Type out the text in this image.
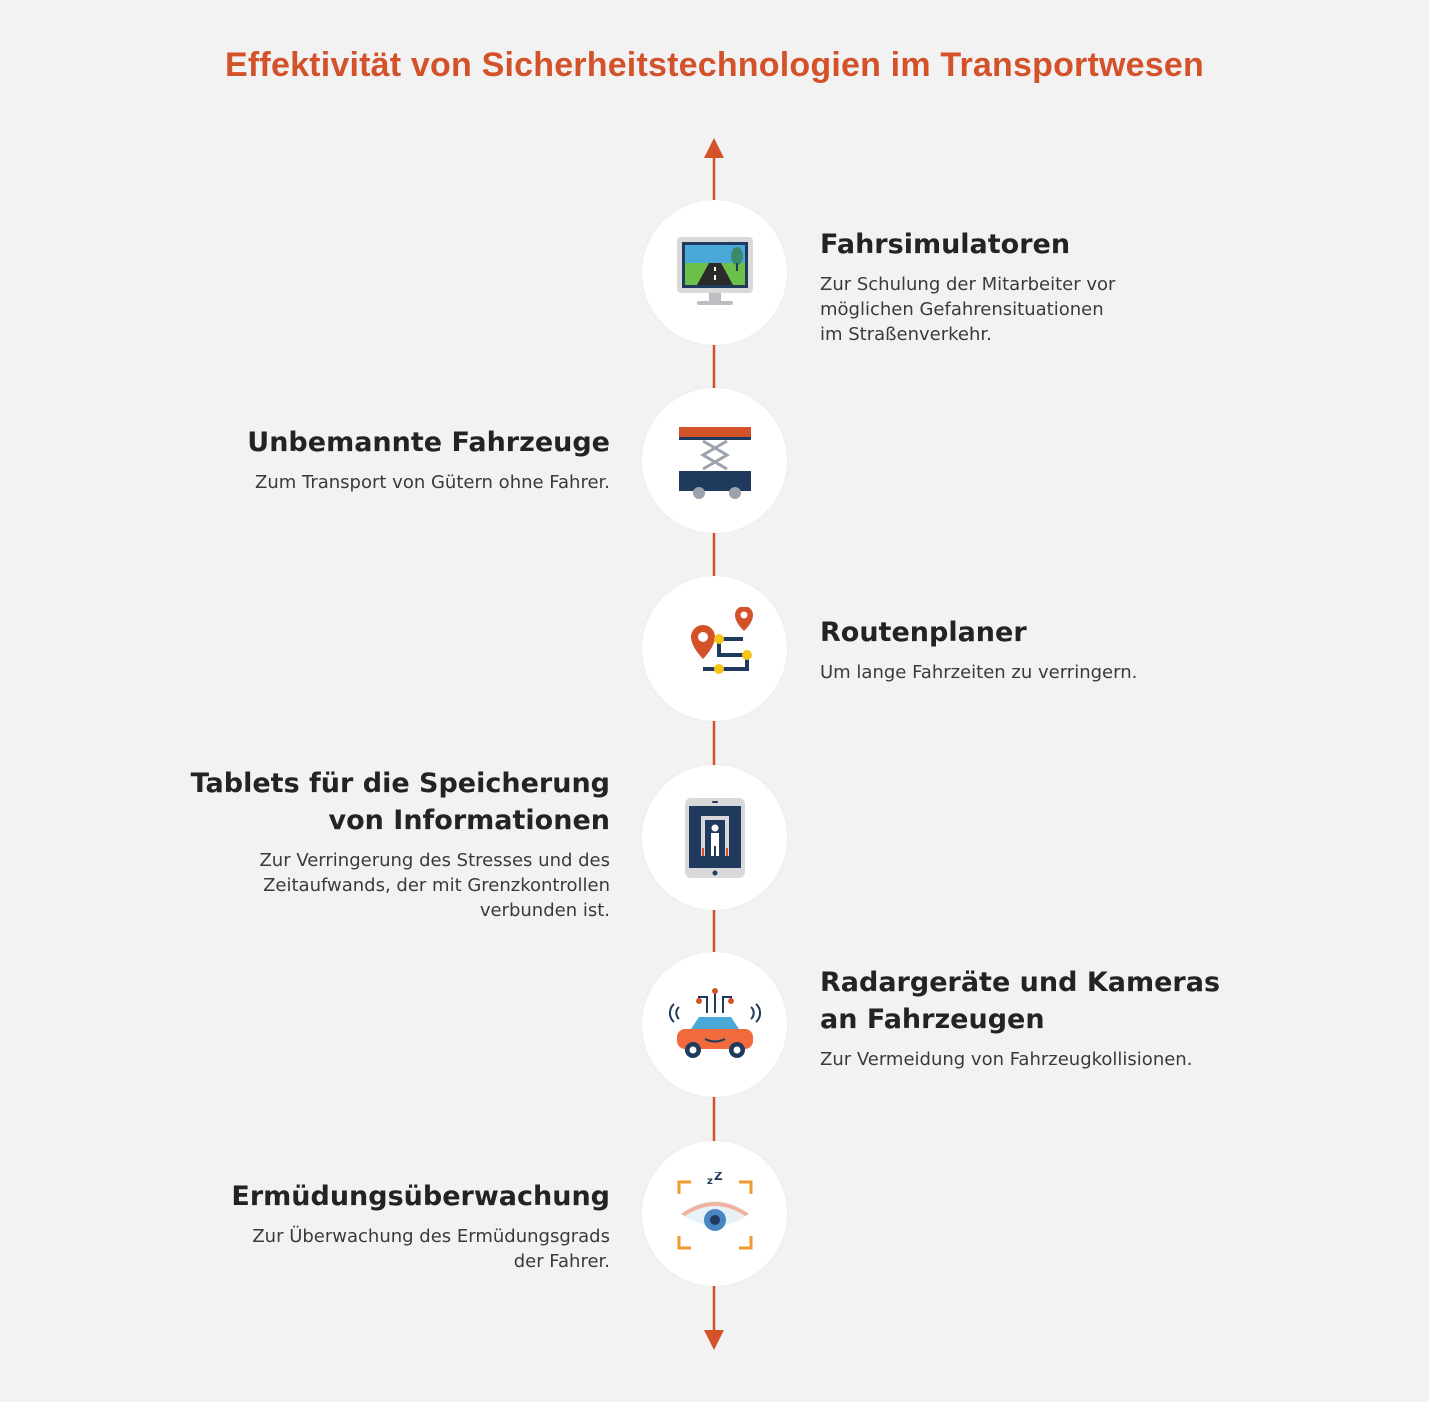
Effektivität von Sicherheitstechnologien im Transportwesen
Fahrsimulatoren

Zur Schulung der Mitarbeiter vor
möglichen Gefahrensituationen
im Straßenverkehr.

Unbemannte Fahrzeuge

Zum Transport von Gütern ohne Fahrer.

Routenplaner

Um lange Fahrzeiten zu verringern.

Tablets für die Speicherung
von Informationen

Zur Verringerung des Stresses und des
Zeitaufwands, der mit Grenzkontrollen
verbunden ist.

Radargeräte und Kameras
an Fahrzeugen

Zur Vermeidung von Fahrzeugkollisionen.

z Z
Ermüdungsüberwachung

Zur Überwachung des Ermüdungsgrads
der Fahrer.
